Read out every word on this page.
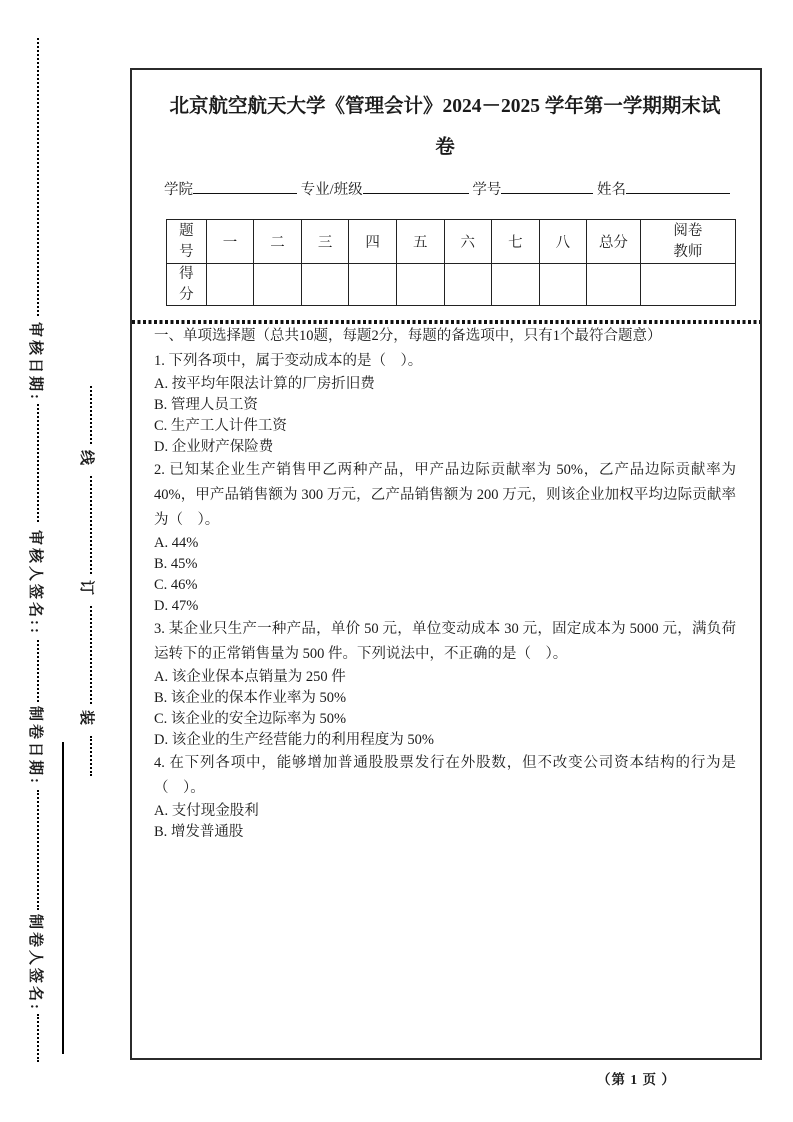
审核日期:
审核人签名::
制卷日期:
制卷人签名:
线
订
装
北京航空航天大学《管理会计》2024－2025 学年第一学期期末试卷
学院	专业/班级	学号	姓名
题号	一	二	三	四	五	六	七	八	总分	阅卷教师
得分										

一、单项选择题（总共10题，每题2分，每题的备选项中，只有1个最符合题意）

1. 下列各项中，属于变动成本的是（　）。

A. 按平均年限法计算的厂房折旧费

B. 管理人员工资

C. 生产工人计件工资

D. 企业财产保险费

2. 已知某企业生产销售甲乙两种产品，甲产品边际贡献率为 50%，乙产品边际贡献率为 40%，甲产品销售额为 300 万元，乙产品销售额为 200 万元，则该企业加权平均边际贡献率为（　）。

A. 44%

B. 45%

C. 46%

D. 47%

3. 某企业只生产一种产品，单价 50 元，单位变动成本 30 元，固定成本为 5000 元，满负荷运转下的正常销售量为 500 件。下列说法中，不正确的是（　）。

A. 该企业保本点销量为 250 件

B. 该企业的保本作业率为 50%

C. 该企业的安全边际率为 50%

D. 该企业的生产经营能力的利用程度为 50%

4. 在下列各项中，能够增加普通股股票发行在外股数，但不改变公司资本结构的行为是（　）。

A. 支付现金股利

B. 增发普通股

（第 1 页 ）
